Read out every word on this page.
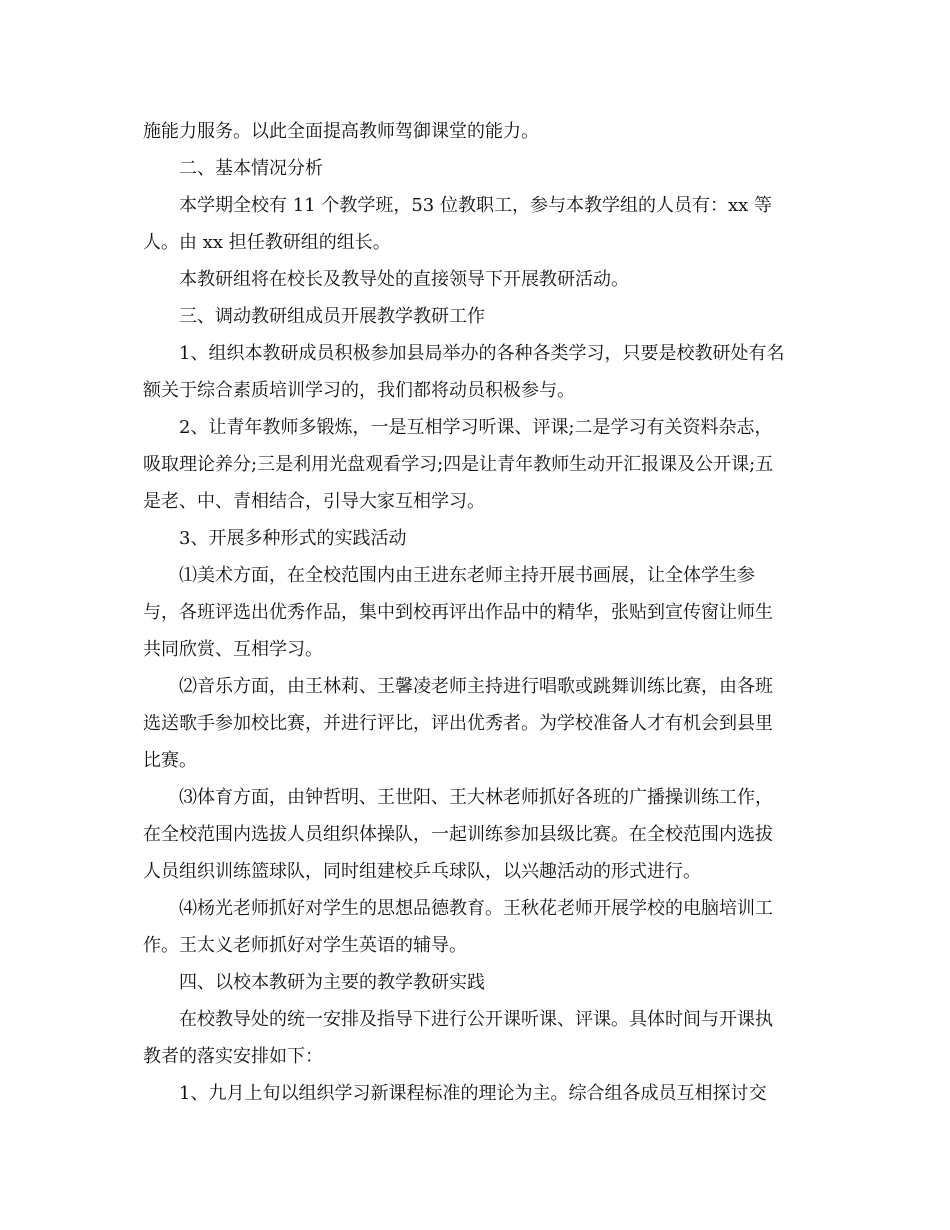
施能力服务。以此全面提高教师驾御课堂的能力。
二、基本情况分析
本学期全校有 11 个教学班，53 位教职工，参与本教学组的人员有：xx 等
人。由 xx 担任教研组的组长。
本教研组将在校长及教导处的直接领导下开展教研活动。
三、调动教研组成员开展教学教研工作
1、组织本教研成员积极参加县局举办的各种各类学习，只要是校教研处有名
额关于综合素质培训学习的，我们都将动员积极参与。
2、让青年教师多锻炼，一是互相学习听课、评课;二是学习有关资料杂志，
吸取理论养分;三是利用光盘观看学习;四是让青年教师生动开汇报课及公开课;五
是老、中、青相结合，引导大家互相学习。
3、开展多种形式的实践活动
⑴美术方面，在全校范围内由王进东老师主持开展书画展，让全体学生参
与，各班评选出优秀作品，集中到校再评出作品中的精华，张贴到宣传窗让师生
共同欣赏、互相学习。
⑵音乐方面，由王林莉、王馨凌老师主持进行唱歌或跳舞训练比赛，由各班
选送歌手参加校比赛，并进行评比，评出优秀者。为学校准备人才有机会到县里
比赛。
⑶体育方面，由钟哲明、王世阳、王大林老师抓好各班的广播操训练工作，
在全校范围内选拔人员组织体操队，一起训练参加县级比赛。在全校范围内选拔
人员组织训练篮球队，同时组建校乒乓球队，以兴趣活动的形式进行。
⑷杨光老师抓好对学生的思想品德教育。王秋花老师开展学校的电脑培训工
作。王太义老师抓好对学生英语的辅导。
四、以校本教研为主要的教学教研实践
在校教导处的统一安排及指导下进行公开课听课、评课。具体时间与开课执
教者的落实安排如下：
1、九月上旬以组织学习新课程标准的理论为主。综合组各成员互相探讨交
